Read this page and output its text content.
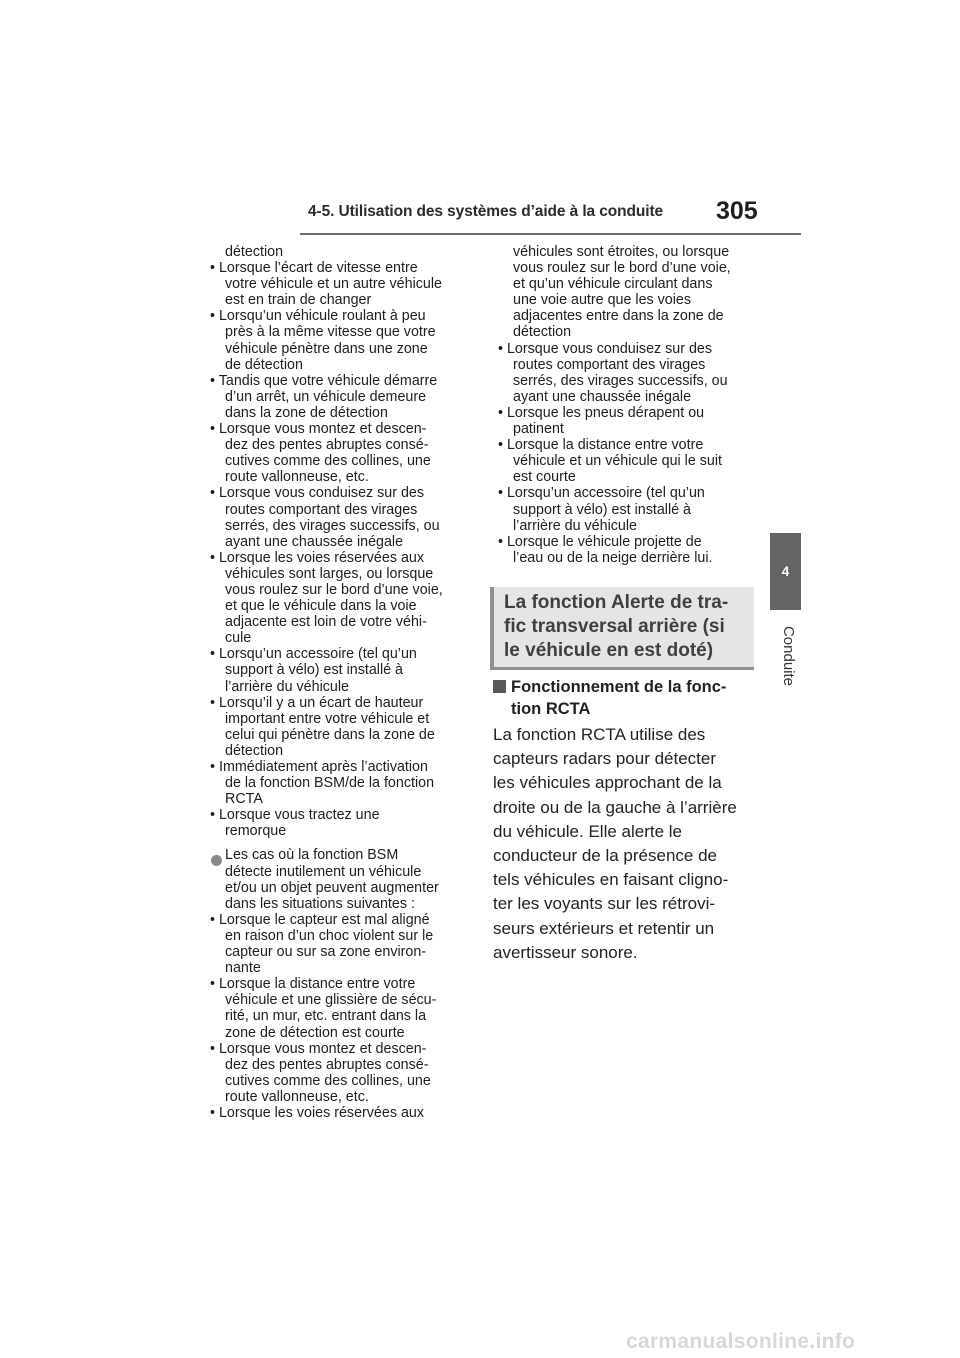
4-5. Utilisation des systèmes d’aide à la conduite 305
4
Conduite
détection
• Lorsque l’écart de vitesse entre
votre véhicule et un autre véhicule
est en train de changer
• Lorsqu’un véhicule roulant à peu
près à la même vitesse que votre
véhicule pénètre dans une zone
de détection
• Tandis que votre véhicule démarre
d’un arrêt, un véhicule demeure
dans la zone de détection
• Lorsque vous montez et descen-
dez des pentes abruptes consé-
cutives comme des collines, une
route vallonneuse, etc.
• Lorsque vous conduisez sur des
routes comportant des virages
serrés, des virages successifs, ou
ayant une chaussée inégale
• Lorsque les voies réservées aux
véhicules sont larges, ou lorsque
vous roulez sur le bord d’une voie,
et que le véhicule dans la voie
adjacente est loin de votre véhi-
cule
• Lorsqu’un accessoire (tel qu’un
support à vélo) est installé à
l’arrière du véhicule
• Lorsqu’il y a un écart de hauteur
important entre votre véhicule et
celui qui pénètre dans la zone de
détection
• Immédiatement après l’activation
de la fonction BSM/de la fonction
RCTA
• Lorsque vous tractez une
remorque
Les cas où la fonction BSM
détecte inutilement un véhicule
et/ou un objet peuvent augmenter
dans les situations suivantes :
• Lorsque le capteur est mal aligné
en raison d’un choc violent sur le
capteur ou sur sa zone environ-
nante
• Lorsque la distance entre votre
véhicule et une glissière de sécu-
rité, un mur, etc. entrant dans la
zone de détection est courte
• Lorsque vous montez et descen-
dez des pentes abruptes consé-
cutives comme des collines, une
route vallonneuse, etc.
• Lorsque les voies réservées aux
La fonction Alerte de tra-
fic transversal arrière (si
le véhicule en est doté)
véhicules sont étroites, ou lorsque
vous roulez sur le bord d’une voie,
et qu’un véhicule circulant dans
une voie autre que les voies
adjacentes entre dans la zone de
détection
• Lorsque vous conduisez sur des
routes comportant des virages
serrés, des virages successifs, ou
ayant une chaussée inégale
• Lorsque les pneus dérapent ou
patinent
• Lorsque la distance entre votre
véhicule et un véhicule qui le suit
est courte
• Lorsqu’un accessoire (tel qu’un
support à vélo) est installé à
l’arrière du véhicule
• Lorsque le véhicule projette de
l’eau ou de la neige derrière lui.
Fonctionnement de la fonc-
tion RCTA
La fonction RCTA utilise des
capteurs radars pour détecter
les véhicules approchant de la
droite ou de la gauche à l’arrière
du véhicule. Elle alerte le
conducteur de la présence de
tels véhicules en faisant cligno-
ter les voyants sur les rétrovi-
seurs extérieurs et retentir un
avertisseur sonore.
carmanualsonline.info
